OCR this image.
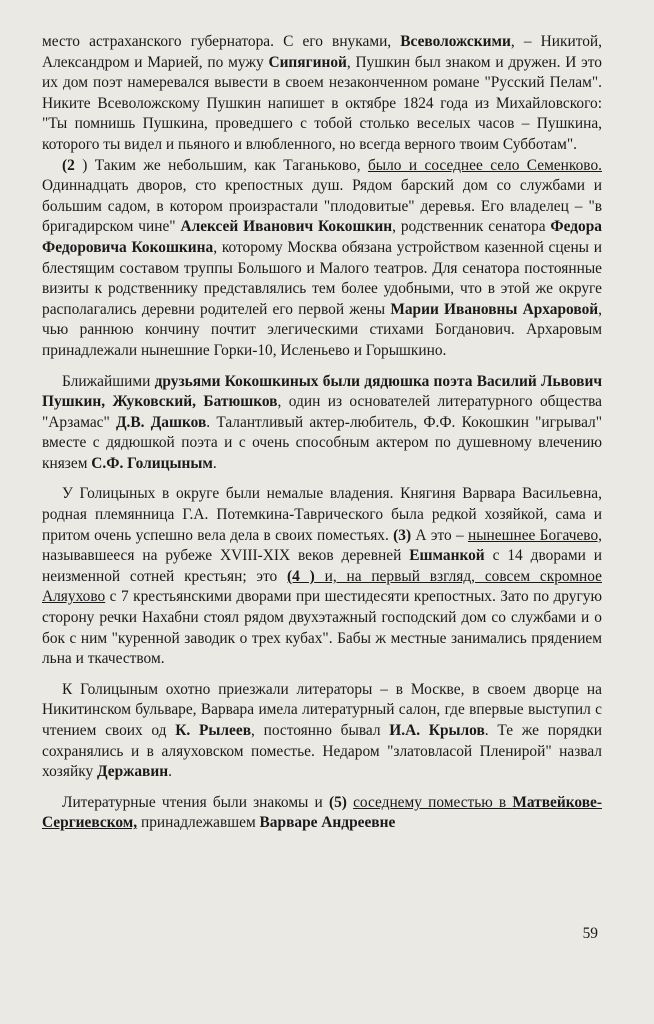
место астраханского губернатора. С его внуками, Всеволожскими, – Никитой, Александром и Марией, по мужу Сипягиной, Пушкин был знаком и дружен. И это их дом поэт намеревался вывести в своем незаконченном романе "Русский Пелам". Никите Всеволожскому Пушкин напишет в октябре 1824 года из Михайловского: "Ты помнишь Пушкина, проведшего с тобой столько веселых часов – Пушкина, которого ты видел и пьяного и влюбленного, но всегда верного твоим Субботам".

(2 ) Таким же небольшим, как Таганьково, было и соседнее село Семенково. Одиннадцать дворов, сто крепостных душ. Рядом барский дом со службами и большим садом, в котором произрастали "плодовитые" деревья. Его владелец – "в бригадирском чине" Алексей Иванович Кокошкин, родственник сенатора Федора Федоровича Кокошкина, которому Москва обязана устройством казенной сцены и блестящим составом труппы Большого и Малого театров. Для сенатора постоянные визиты к родственнику представлялись тем более удобными, что в этой же округе располагались деревни родителей его первой жены Марии Ивановны Архаровой, чью раннюю кончину почтит элегическими стихами Богданович. Архаровым принадлежали нынешние Горки-10, Исленьево и Горышкино.

Ближайшими друзьями Кокошкиных были дядюшка поэта Василий Львович Пушкин, Жуковский, Батюшков, один из основателей литературного общества "Арзамас" Д.В. Дашков. Талантливый актер-любитель, Ф.Ф. Кокошкин "игрывал" вместе с дядюшкой поэта и с очень способным актером по душевному влечению князем С.Ф. Голицыным.

У Голицыных в округе были немалые владения. Княгиня Варвара Васильевна, родная племянница Г.А. Потемкина-Таврического была редкой хозяйкой, сама и притом очень успешно вела дела в своих поместьях. (3) А это – нынешнее Богачево, называвшееся на рубеже XVIII-XIX веков деревней Ешманкой с 14 дворами и неизменной сотней крестьян; это (4 ) и, на первый взгляд, совсем скромное Аляухово с 7 крестьянскими дворами при шестидесяти крепостных. Зато по другую сторону речки Нахабни стоял рядом двухэтажный господский дом со службами и о бок с ним "куренной заводик о трех кубах". Бабы ж местные занимались прядением льна и ткачеством.

К Голицыным охотно приезжали литераторы – в Москве, в своем дворце на Никитинском бульваре, Варвара имела литературный салон, где впервые выступил с чтением своих од К. Рылеев, постоянно бывал И.А. Крылов. Те же порядки сохранялись и в аляуховском поместье. Недаром "златовласой Пленирой" назвал хозяйку Державин.

Литературные чтения были знакомы и (5) соседнему поместью в Матвейкове-Сергиевском, принадлежавшем Варваре Андреевне

59
